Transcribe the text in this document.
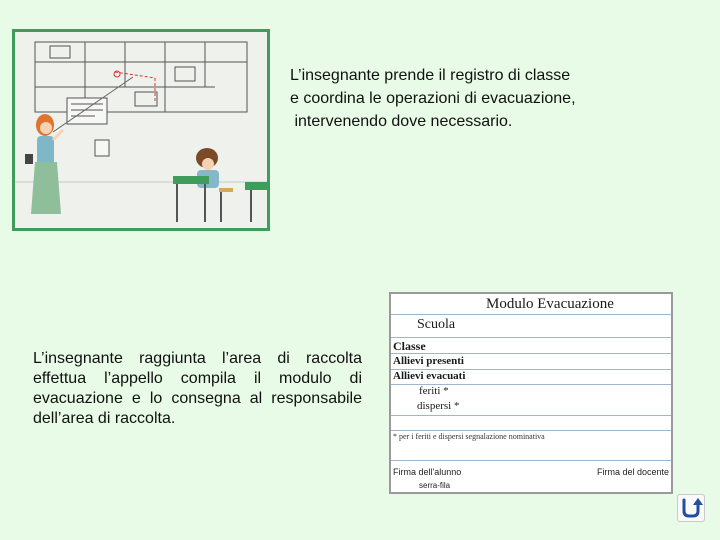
L’insegnante prende il registro di classe
e coordina le operazioni di evacuazione,
intervenendo dove necessario.
L’insegnante raggiunta l’area di raccolta effettua l’appello compila il modulo di evacuazione e lo consegna al responsabile dell’area di raccolta.
Modulo Evacuazione
Scuola
Classe
Allievi presenti
Allievi evacuati
feriti *
dispersi *
* per i feriti e dispersi segnalazione nominativa
Firma dell'alunno	Firma del docente
serra-fila
